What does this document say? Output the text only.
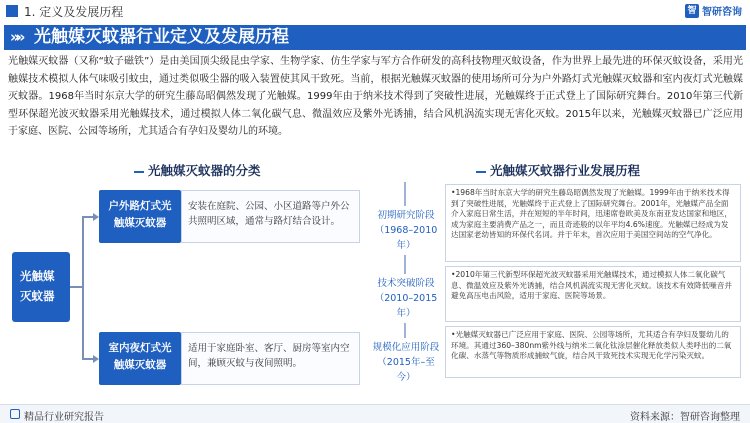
1. 定义及发展历程	智 智研咨询
»» 光触媒灭蚊器行业定义及发展历程

光触媒灭蚊器（又称“蚊子磁铁”）是由美国顶尖级昆虫学家、生物学家、仿生学家与军方合作研发的高科技物理灭蚊设备，作为世界上最先进的环保灭蚊设备，采用光触媒技术模拟人体气味吸引蚊虫，通过类似吸尘器的吸入装置使其风干致死。当前，根据光触媒灭蚊器的使用场所可分为户外路灯式光触媒灭蚊器和室内夜灯式光触媒灭蚊器。1968年当时东京大学的研究生藤岛昭偶然发现了光触媒。1999年由于纳米技术得到了突破性进展，光触媒终于正式登上了国际研究舞台。2010年第三代新型环保超光波灭蚊器采用光触媒技术，通过模拟人体二氧化碳气息、微温效应及紫外光诱捕，结合风机涡流实现无害化灭蚊。2015年以来，光触媒灭蚊器已广泛应用于家庭、医院、公园等场所，尤其适合有孕妇及婴幼儿的环境。

光触媒灭蚊器的分类	光触媒灭蚊器行业发展历程
光触媒灭蚊器
户外路灯式光触媒灭蚊器
安装在庭院、公园、小区道路等户外公共照明区域，通常与路灯结合设计。
室内夜灯式光触媒灭蚊器
适用于家庭卧室、客厅、厨房等室内空间，兼顾灭蚊与夜间照明。
初期研究阶段
（1968–2010年）
•1968年当时东京大学的研究生藤岛昭偶然发现了光触媒。1999年由于纳米技术得到了突破性进展，光触媒终于正式登上了国际研究舞台。2001年，光触媒产品全面介入家庭日常生活，并在短短的半年时间，迅速席卷欧美及东南亚发达国家和地区，成为家庭主要消费产品之一，而且奇迹般的以年平均4.6%速度。光触媒已经成为发达国家老幼皆知的环保代名词。并于年末，首次应用于美国空间站的空气净化。
技术突破阶段
（2010–2015年）
•2010年第三代新型环保超光波灭蚊器采用光触媒技术，通过模拟人体二氧化碳气息、微温效应及紫外光诱捕，结合风机涡流实现无害化灭蚊。该技术有效降低噪音并避免高压电击风险，适用于家庭、医院等场景。
规模化应用阶段
（2015年–至今）
•光触媒灭蚊器已广泛应用于家庭、医院、公园等场所，尤其适合有孕妇及婴幼儿的环境。其通过360–380nm紫外线与纳米二氧化钛涂层催化释放类似人类呼出的二氧化碳、水蒸气等物质形成捕蚊气旋，结合风干致死技术实现无化学污染灭蚊。
精品行业研究报告	资料来源：智研咨询整理
